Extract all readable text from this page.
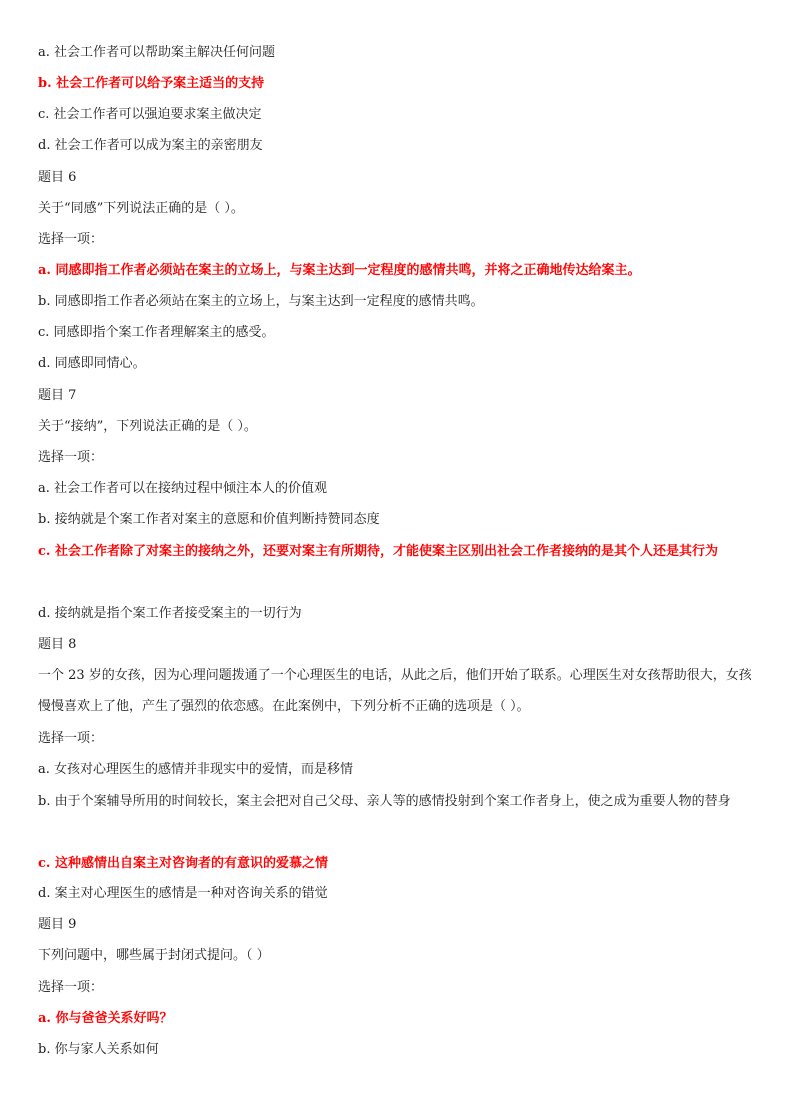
a. 社会工作者可以帮助案主解决任何问题
b. 社会工作者可以给予案主适当的支持
c. 社会工作者可以强迫要求案主做决定
d. 社会工作者可以成为案主的亲密朋友
题目 6
关于“同感”下列说法正确的是（ ）。
选择一项：
a. 同感即指工作者必须站在案主的立场上，与案主达到一定程度的感情共鸣，并将之正确地传达给案主。
b. 同感即指工作者必须站在案主的立场上，与案主达到一定程度的感情共鸣。
c. 同感即指个案工作者理解案主的感受。
d. 同感即同情心。
题目 7
关于“接纳”，下列说法正确的是（ ）。
选择一项：
a. 社会工作者可以在接纳过程中倾注本人的价值观
b. 接纳就是个案工作者对案主的意愿和价值判断持赞同态度
c. 社会工作者除了对案主的接纳之外，还要对案主有所期待，才能使案主区别出社会工作者接纳的是其个人还是其行为
d. 接纳就是指个案工作者接受案主的一切行为
题目 8
一个 23 岁的女孩，因为心理问题拨通了一个心理医生的电话，从此之后，他们开始了联系。心理医生对女孩帮助很大，女孩慢慢喜欢上了他，产生了强烈的依恋感。在此案例中，下列分析不正确的选项是（ ）。
选择一项：
a. 女孩对心理医生的感情并非现实中的爱情，而是移情
b. 由于个案辅导所用的时间较长，案主会把对自己父母、亲人等的感情投射到个案工作者身上，使之成为重要人物的替身
c. 这种感情出自案主对咨询者的有意识的爱慕之情
d. 案主对心理医生的感情是一种对咨询关系的错觉
题目 9
下列问题中，哪些属于封闭式提问。（ ）
选择一项：
a. 你与爸爸关系好吗？
b. 你与家人关系如何
